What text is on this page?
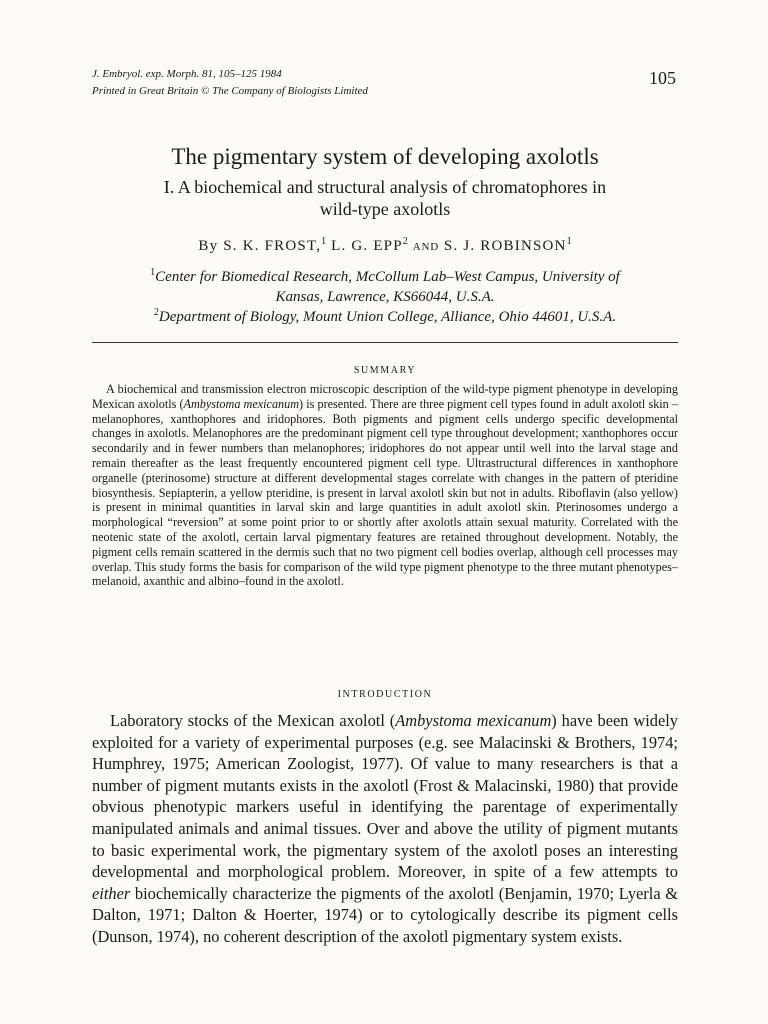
J. Embryol. exp. Morph. 81, 105–125 1984
Printed in Great Britain © The Company of Biologists Limited
105
The pigmentary system of developing axolotls
I. A biochemical and structural analysis of chromatophores in
wild-type axolotls
By S. K. FROST,$^1$ L. G. EPP$^2$ AND S. J. ROBINSON$^1$
$^1$Center for Biomedical Research, McCollum Lab–West Campus, University of
Kansas, Lawrence, KS66044, U.S.A.
$^2$Department of Biology, Mount Union College, Alliance, Ohio 44601, U.S.A.
SUMMARY

A biochemical and transmission electron microscopic description of the wild-type pigment phenotype in developing Mexican axolotls (Ambystoma mexicanum) is presented. There are three pigment cell types found in adult axolotl skin – melanophores, xanthophores and iridophores. Both pigments and pigment cells undergo specific developmental changes in axolotls. Melanophores are the predominant pigment cell type throughout development; xanthophores occur secondarily and in fewer numbers than melanophores; iridophores do not appear until well into the larval stage and remain thereafter as the least frequently encountered pigment cell type. Ultrastructural differences in xanthophore organelle (pterinosome) structure at different developmental stages correlate with changes in the pattern of pteridine biosynthesis. Sepiapterin, a yellow pteridine, is present in larval axolotl skin but not in adults. Riboflavin (also yellow) is present in minimal quantities in larval skin and large quantities in adult axolotl skin. Pterinosomes undergo a morphological “reversion” at some point prior to or shortly after axolotls attain sexual maturity. Correlated with the neotenic state of the axolotl, certain larval pigmentary features are retained throughout development. Notably, the pigment cells remain scattered in the dermis such that no two pigment cell bodies overlap, although cell processes may overlap. This study forms the basis for comparison of the wild type pigment phenotype to the three mutant phenotypes–melanoid, axanthic and albino–found in the axolotl.

INTRODUCTION

Laboratory stocks of the Mexican axolotl (Ambystoma mexicanum) have been widely exploited for a variety of experimental purposes (e.g. see Malacinski & Brothers, 1974; Humphrey, 1975; American Zoologist, 1977). Of value to many researchers is that a number of pigment mutants exists in the axolotl (Frost & Malacinski, 1980) that provide obvious phenotypic markers useful in identifying the parentage of experimentally manipulated animals and animal tissues. Over and above the utility of pigment mutants to basic experimental work, the pigmentary system of the axolotl poses an interesting developmental and morphological problem. Moreover, in spite of a few attempts to either biochemically characterize the pigments of the axolotl (Benjamin, 1970; Lyerla & Dalton, 1971; Dalton & Hoerter, 1974) or to cytologically describe its pigment cells (Dunson, 1974), no coherent description of the axolotl pigmentary system exists.
